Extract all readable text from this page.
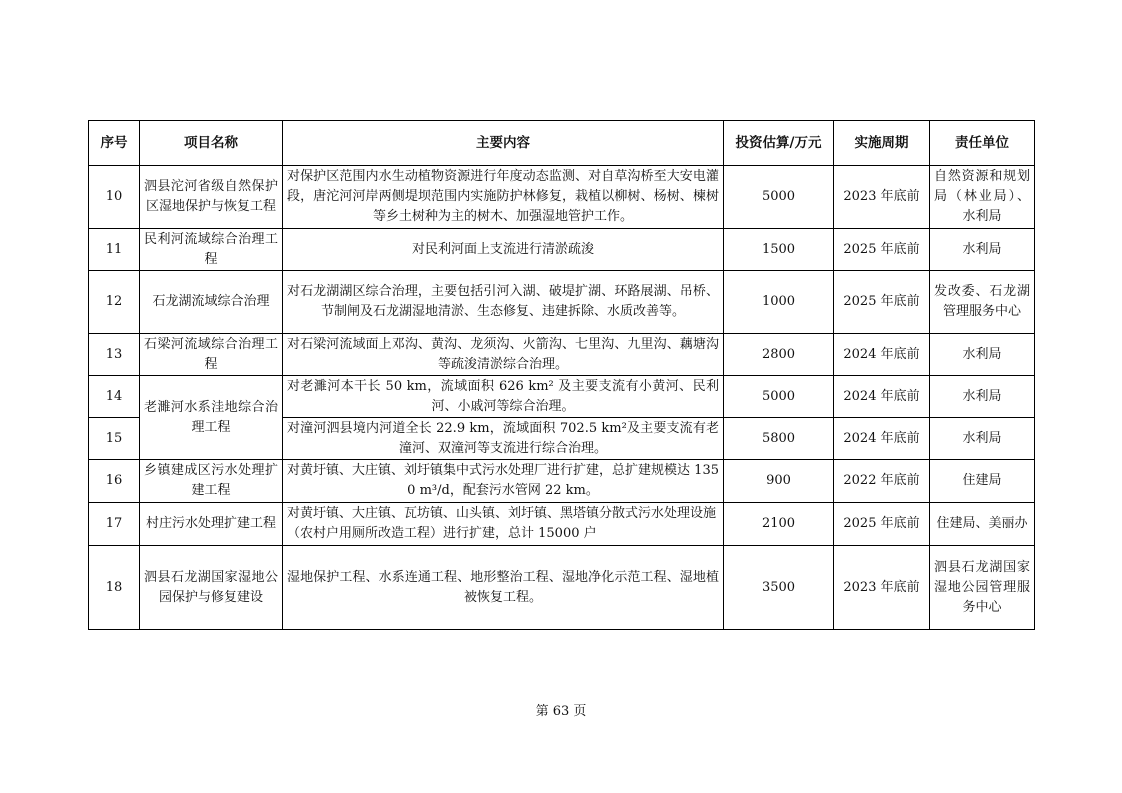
序号	项目名称	主要内容	投资估算/万元	实施周期	责任单位
10	泗县沱河省级自然保护区湿地保护与恢复工程	对保护区范围内水生动植物资源进行年度动态监测、对自草沟桥至大安电灌段，唐沱河河岸两侧堤坝范围内实施防护林修复，栽植以柳树、杨树、楝树等乡土树种为主的树木、加强湿地管护工作。	5000	2023 年底前	自然资源和规划局（林业局）、水利局
11	民利河流域综合治理工程	对民利河面上支流进行清淤疏浚	1500	2025 年底前	水利局
12	石龙湖流域综合治理	对石龙湖湖区综合治理，主要包括引河入湖、破堤扩湖、环路展湖、吊桥、节制闸及石龙湖湿地清淤、生态修复、违建拆除、水质改善等。	1000	2025 年底前	发改委、石龙湖管理服务中心
13	石梁河流域综合治理工程	对石梁河流域面上邓沟、黄沟、龙须沟、火箭沟、七里沟、九里沟、藕塘沟等疏浚清淤综合治理。	2800	2024 年底前	水利局
14	老濉河水系洼地综合治理工程	对老濉河本干长 50 km，流域面积 626 km² 及主要支流有小黄河、民利河、小戚河等综合治理。	5000	2024 年底前	水利局
15		对潼河泗县境内河道全长 22.9 km，流域面积 702.5 km²及主要支流有老潼河、双潼河等支流进行综合治理。	5800	2024 年底前	水利局
16	乡镇建成区污水处理扩建工程	对黄圩镇、大庄镇、刘圩镇集中式污水处理厂进行扩建，总扩建规模达 1350 m³/d，配套污水管网 22 km。	900	2022 年底前	住建局
17	村庄污水处理扩建工程	对黄圩镇、大庄镇、瓦坊镇、山头镇、刘圩镇、黑塔镇分散式污水处理设施（农村户用厕所改造工程）进行扩建，总计 15000 户	2100	2025 年底前	住建局、美丽办
18	泗县石龙湖国家湿地公园保护与修复建设	湿地保护工程、水系连通工程、地形整治工程、湿地净化示范工程、湿地植被恢复工程。	3500	2023 年底前	泗县石龙湖国家湿地公园管理服务中心
第 63 页
